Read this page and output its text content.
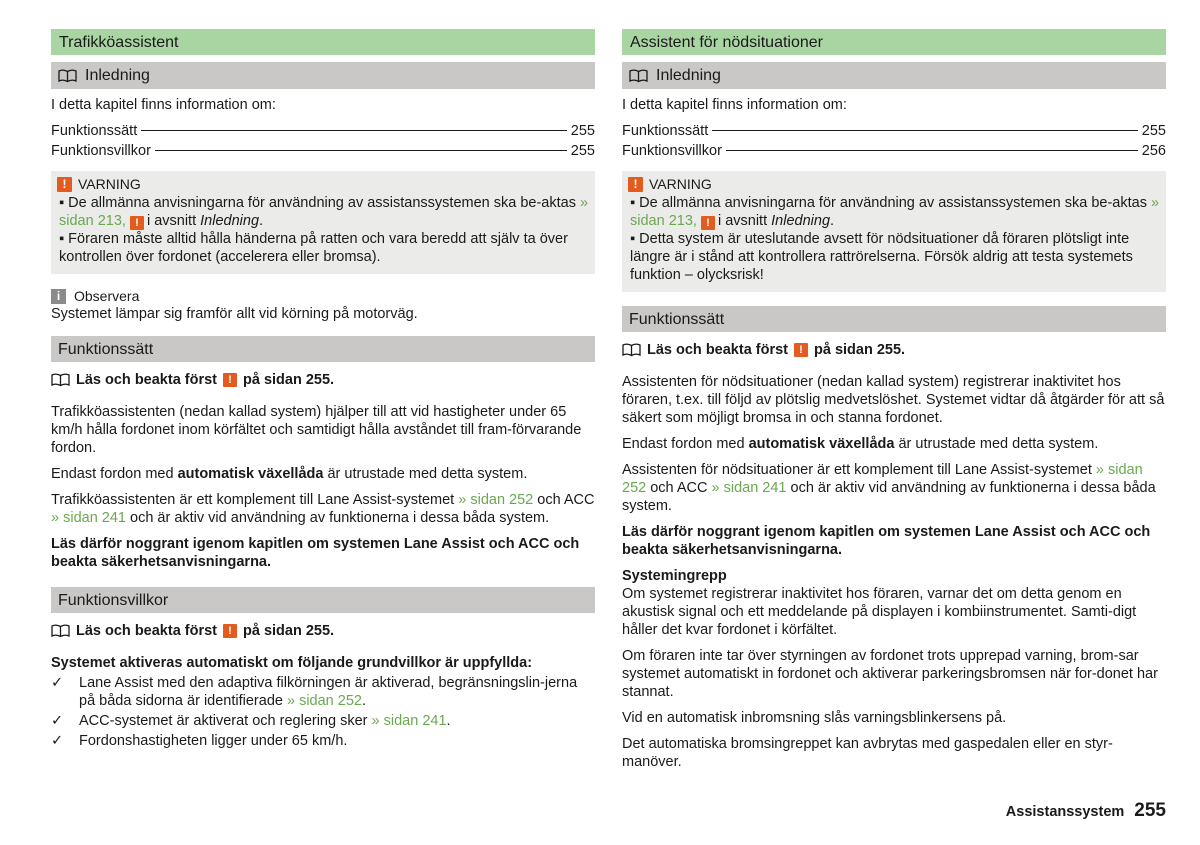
Trafikköassistent
Inledning

I detta kapitel finns information om:

Funktionssätt	255
Funktionsvillkor	255
! VARNING

▪ De allmänna anvisningarna för användning av assistanssystemen ska be-aktas » sidan 213, ! i avsnitt Inledning.

▪ Föraren måste alltid hålla händerna på ratten och vara beredd att själv ta över kontrollen över fordonet (accelerera eller bromsa).

i Observera

Systemet lämpar sig framför allt vid körning på motorväg.

Funktionssätt
Läs och beakta först	! på sidan 255.

Trafikköassistenten (nedan kallad system) hjälper till att vid hastigheter under 65 km/h hålla fordonet inom körfältet och samtidigt hålla avståndet till fram-förvarande fordon.

Endast fordon med automatisk växellåda är utrustade med detta system.

Trafikköassistenten är ett komplement till Lane Assist-systemet » sidan 252 och ACC » sidan 241 och är aktiv vid användning av funktionerna i dessa båda system.

Läs därför noggrant igenom kapitlen om systemen Lane Assist och ACC och beakta säkerhetsanvisningarna.

Funktionsvillkor
Läs och beakta först	! på sidan 255.

Systemet aktiveras automatiskt om följande grundvillkor är uppfyllda:

✓	Lane Assist med den adaptiva filkörningen är aktiverad, begränsningslin-jerna på båda sidorna är identifierade » sidan 252.

✓	ACC-systemet är aktiverat och reglering sker » sidan 241.

✓	Fordonshastigheten ligger under 65 km/h.

Assistent för nödsituationer
Inledning

I detta kapitel finns information om:

Funktionssätt	255
Funktionsvillkor	256
! VARNING

▪ De allmänna anvisningarna för användning av assistanssystemen ska be-aktas » sidan 213, ! i avsnitt Inledning.

▪ Detta system är uteslutande avsett för nödsituationer då föraren plötsligt inte längre är i stånd att kontrollera rattrörelserna. Försök aldrig att testa systemets funktion – olycksrisk!

Funktionssätt
Läs och beakta först	! på sidan 255.

Assistenten för nödsituationer (nedan kallad system) registrerar inaktivitet hos föraren, t.ex. till följd av plötslig medvetslöshet. Systemet vidtar då åtgärder för att så säkert som möjligt bromsa in och stanna fordonet.

Endast fordon med automatisk växellåda är utrustade med detta system.

Assistenten för nödsituationer är ett komplement till Lane Assist-systemet » sidan 252 och ACC » sidan 241 och är aktiv vid användning av funktionerna i dessa båda system.

Läs därför noggrant igenom kapitlen om systemen Lane Assist och ACC och beakta säkerhetsanvisningarna.

Systemingrepp

Om systemet registrerar inaktivitet hos föraren, varnar det om detta genom en akustisk signal och ett meddelande på displayen i kombiinstrumentet. Samti-digt håller det kvar fordonet i körfältet.

Om föraren inte tar över styrningen av fordonet trots upprepad varning, brom-sar systemet automatiskt in fordonet och aktiverar parkeringsbromsen när for-donet har stannat.

Vid en automatisk inbromsning slås varningsblinkersens på.

Det automatiska bromsingreppet kan avbrytas med gaspedalen eller en styr-manöver.

Assistanssystem 255
